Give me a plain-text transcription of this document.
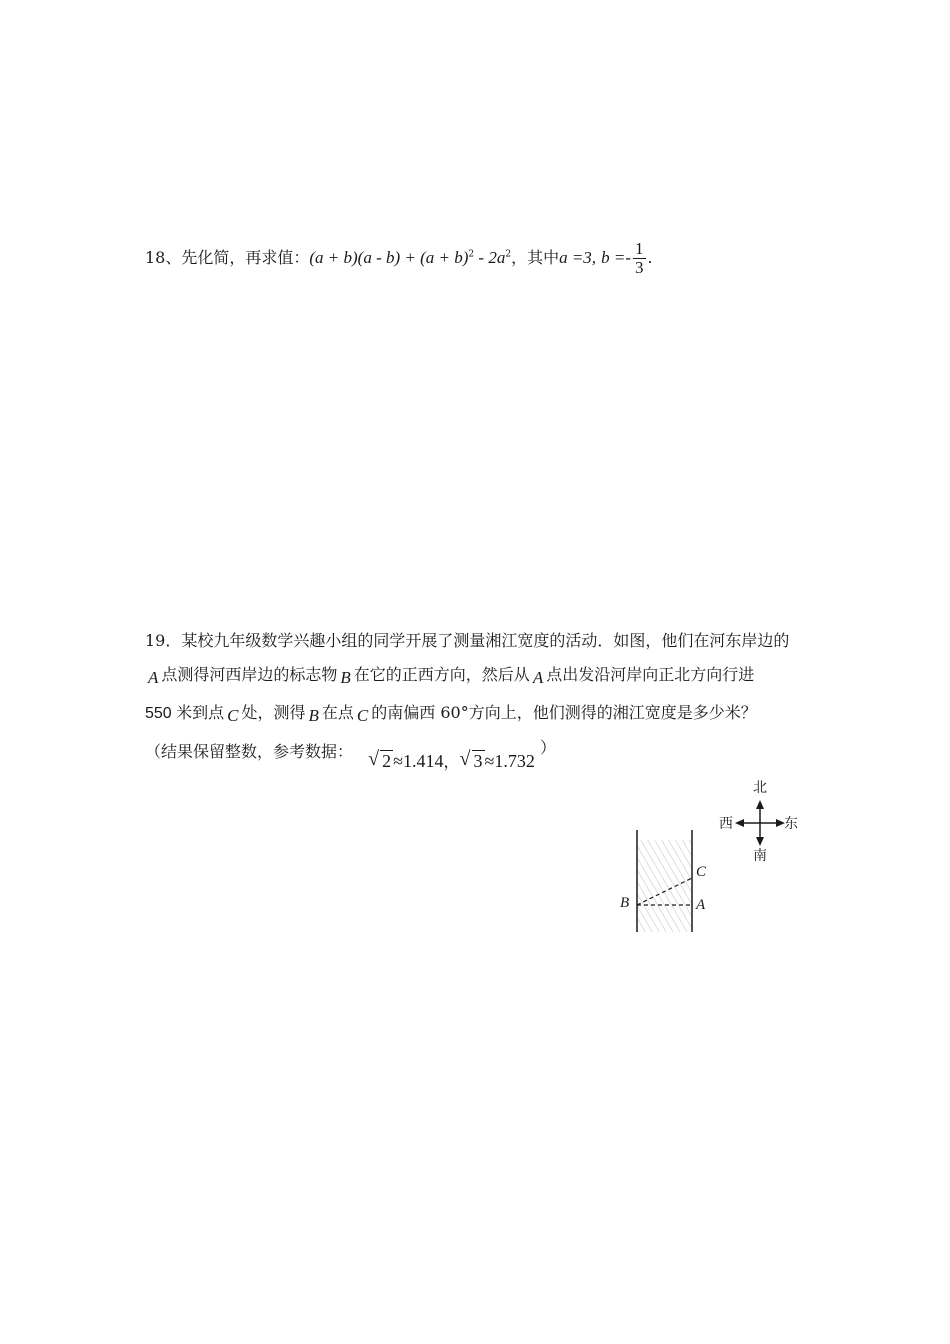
18、先化简，再求值：$(a + b)(a - b) + (a + b)^2 - 2a^2$，其中a =3, $b =- \frac{1}{3}$ .
19．某校九年级数学兴趣小组的同学开展了测量湘江宽度的活动．如图，他们在河东岸边的
A 点测得河西岸边的标志物 B 在它的正西方向，然后从 A 点出发沿河岸向正北方向行进
550 米到点 C 处，测得 B 在点 C 的南偏西 60°方向上，他们测得的湘江宽度是多少米？
（结果保留整数，参考数据： √ 2 ≈1.414， √ 3 ≈1.732 ）
B	A
C
北
南
西	东
